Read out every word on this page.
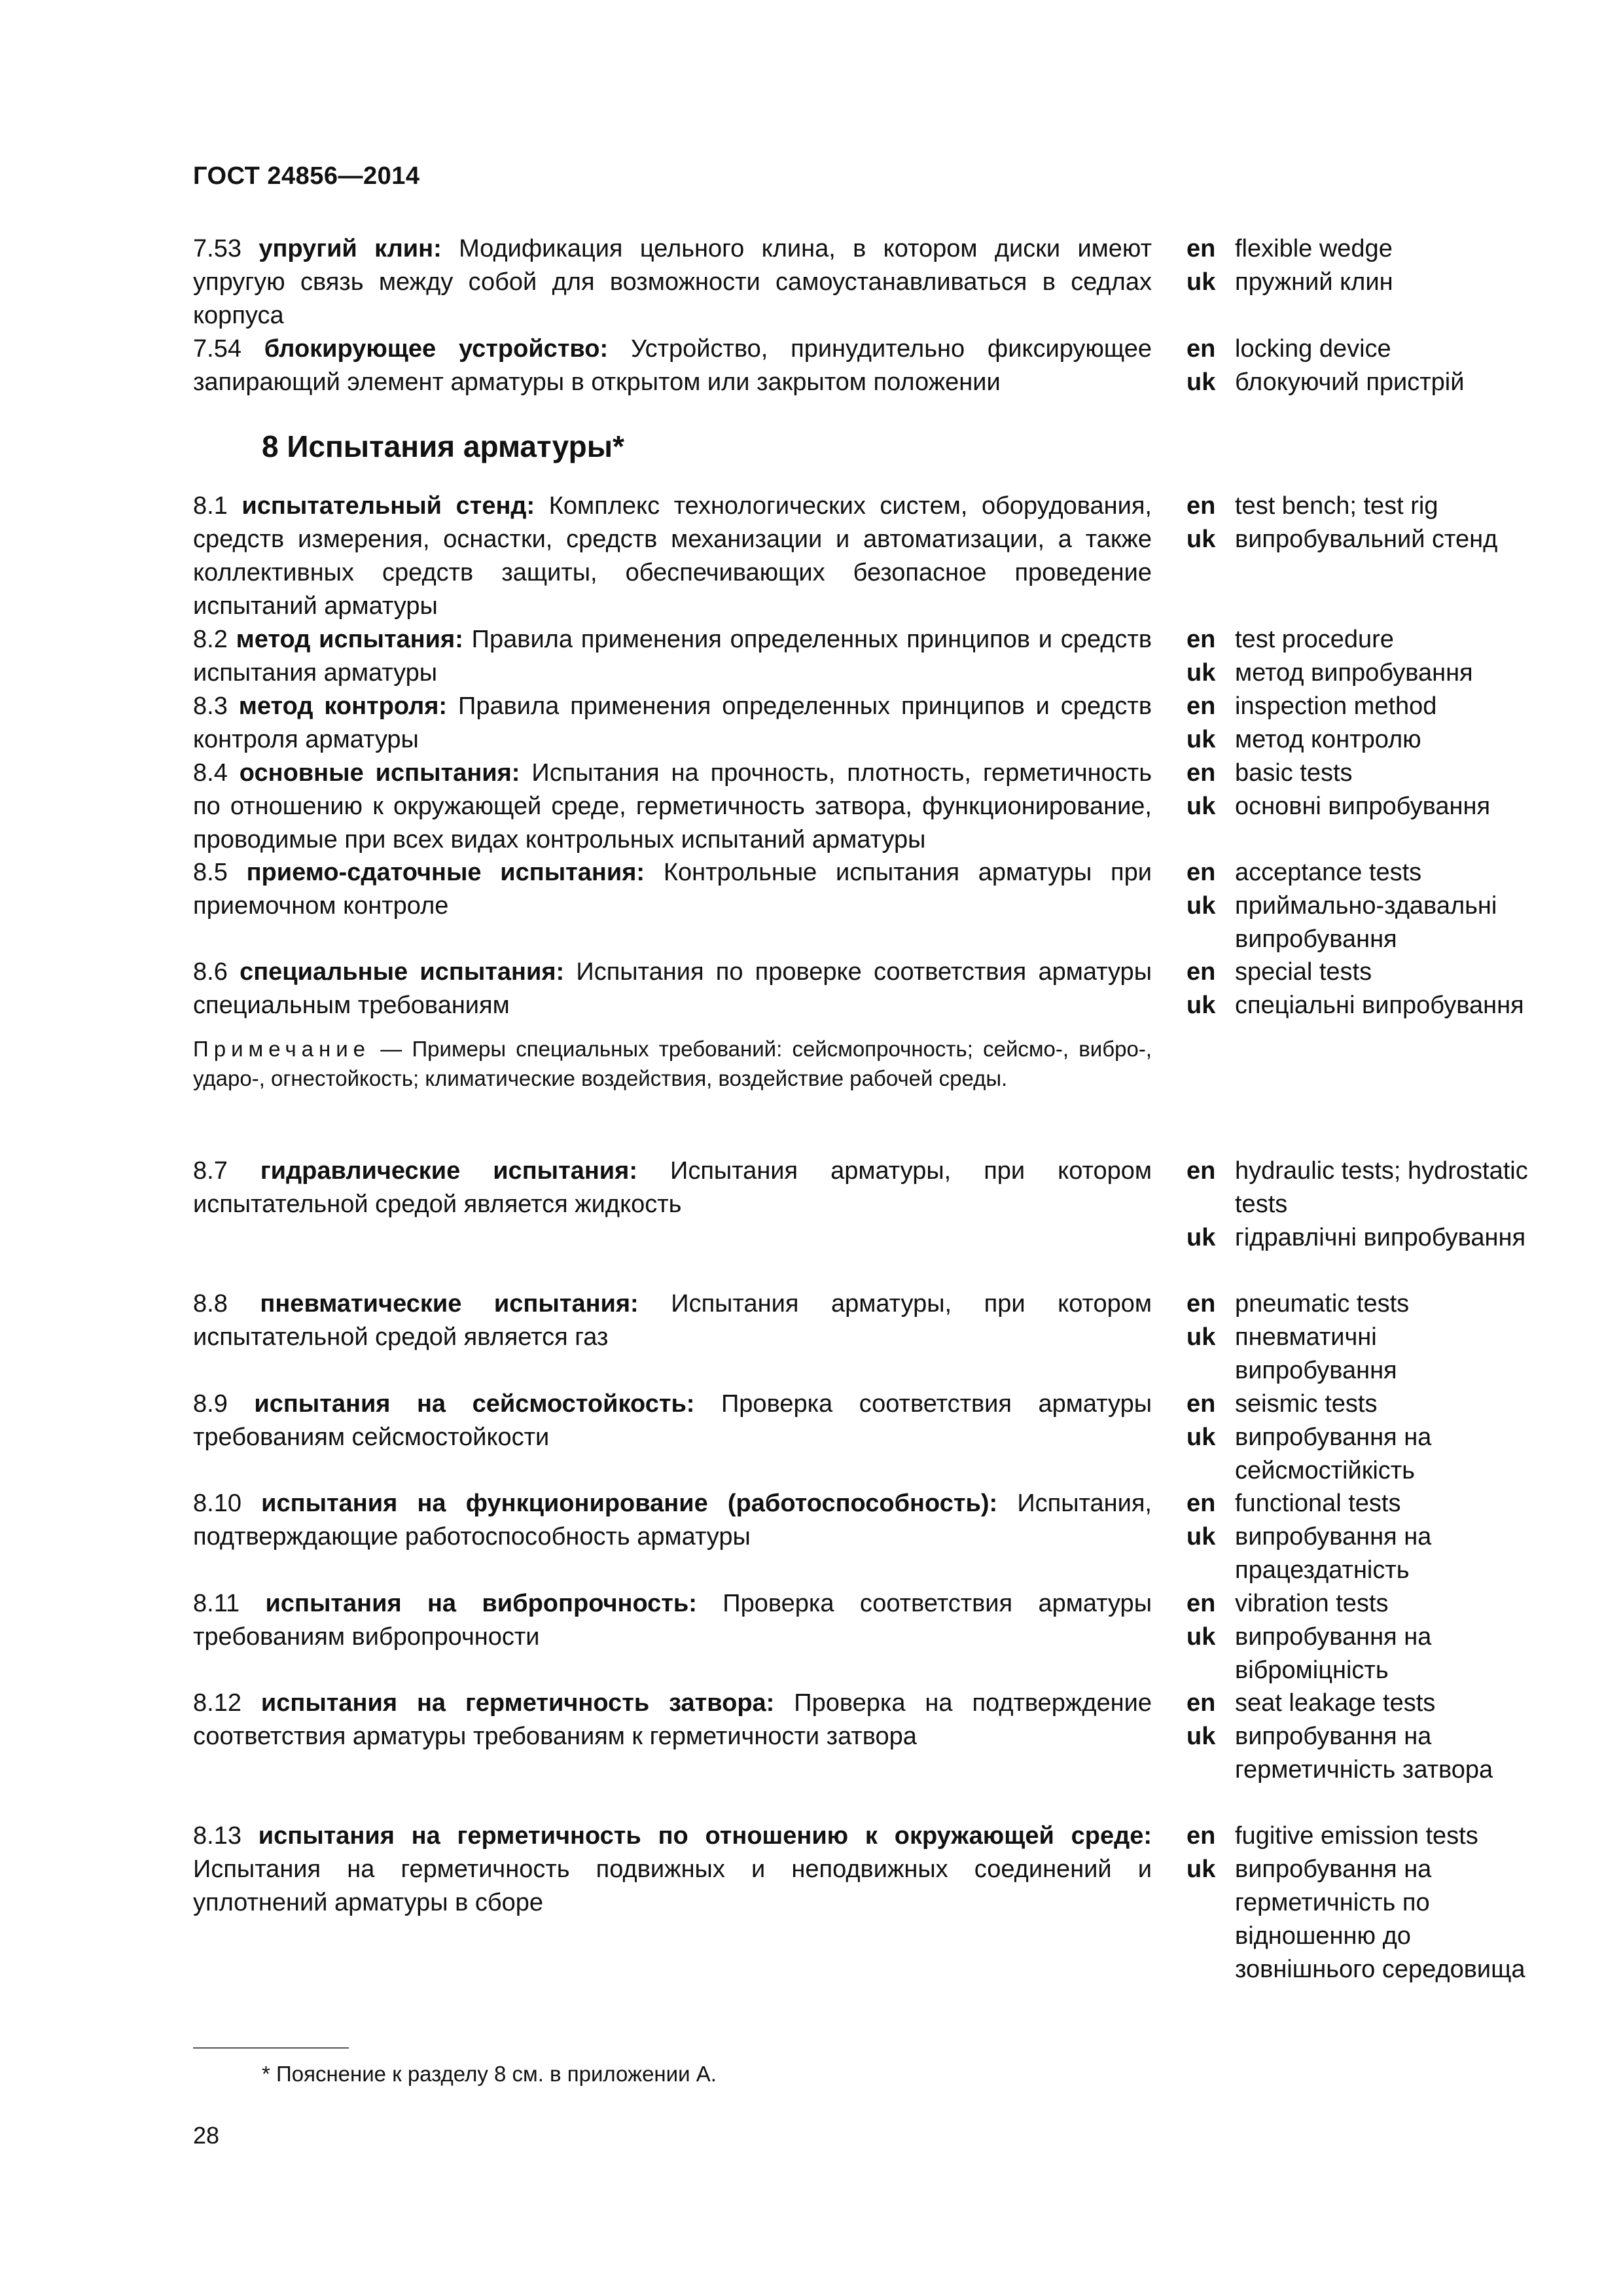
ГОСТ 24856—2014
8 Испытания арматуры*
7.53 упругий клин: Модификация цельного клина, в котором диски имеют упругую связь между собой для возможности самоустанавливаться в седлах корпуса
en flexible wedge
uk пружний клин
7.54 блокирующее устройство: Устройство, принудительно фиксирующее запирающий элемент арматуры в открытом или закрытом положении
en locking device
uk блокуючий пристрій
8.1 испытательный стенд: Комплекс технологических систем, оборудования, средств измерения, оснастки, средств механизации и автоматизации, а также коллективных средств защиты, обеспечивающих безопасное проведение испытаний арматуры
en test bench; test rig
uk випробувальний стенд
8.2 метод испытания: Правила применения определенных принципов и средств испытания арматуры
en test procedure
uk метод випробування
8.3 метод контроля: Правила применения определенных принципов и средств контроля арматуры
en inspection method
uk метод контролю
8.4 основные испытания: Испытания на прочность, плотность, герметичность по отношению к окружающей среде, герметичность затвора, функционирование, проводимые при всех видах контрольных испытаний арматуры
en basic tests
uk основні випробування
8.5 приемо-сдаточные испытания: Контрольные испытания арматуры при приемочном контроле
en acceptance tests
uk приймально-здавальні випробування
8.6 специальные испытания: Испытания по проверке соответствия арматуры специальным требованиям
en special tests
uk спеціальні випробування
Примечание — Примеры специальных требований: сейсмопрочность; сейсмо-, вибро-, ударо-, огнестойкость; климатические воздействия, воздействие рабочей среды.
8.7 гидравлические испытания: Испытания арматуры, при котором испытательной средой является жидкость
en hydraulic tests; hydrostatic tests
uk гідравлічні випробування
8.8 пневматические испытания: Испытания арматуры, при котором испытательной средой является газ
en pneumatic tests
uk пневматичні випробування
8.9 испытания на сейсмостойкость: Проверка соответствия арматуры требованиям сейсмостойкости
en seismic tests
uk випробування на сейсмостійкість
8.10 испытания на функционирование (работоспособность): Испытания, подтверждающие работоспособность арматуры
en functional tests
uk випробування на працездатність
8.11 испытания на вибропрочность: Проверка соответствия арматуры требованиям вибропрочности
en vibration tests
uk випробування на віброміцність
8.12 испытания на герметичность затвора: Проверка на подтверждение соответствия арматуры требованиям к герметичности затвора
en seat leakage tests
uk випробування на герметичність затвора
8.13 испытания на герметичность по отношению к окружающей среде: Испытания на герметичность подвижных и неподвижных соединений и уплотнений арматуры в сборе
en fugitive emission tests
uk випробування на герметичність по відношенню до зовнішнього середовища
* Пояснение к разделу 8 см. в приложении А.
28
